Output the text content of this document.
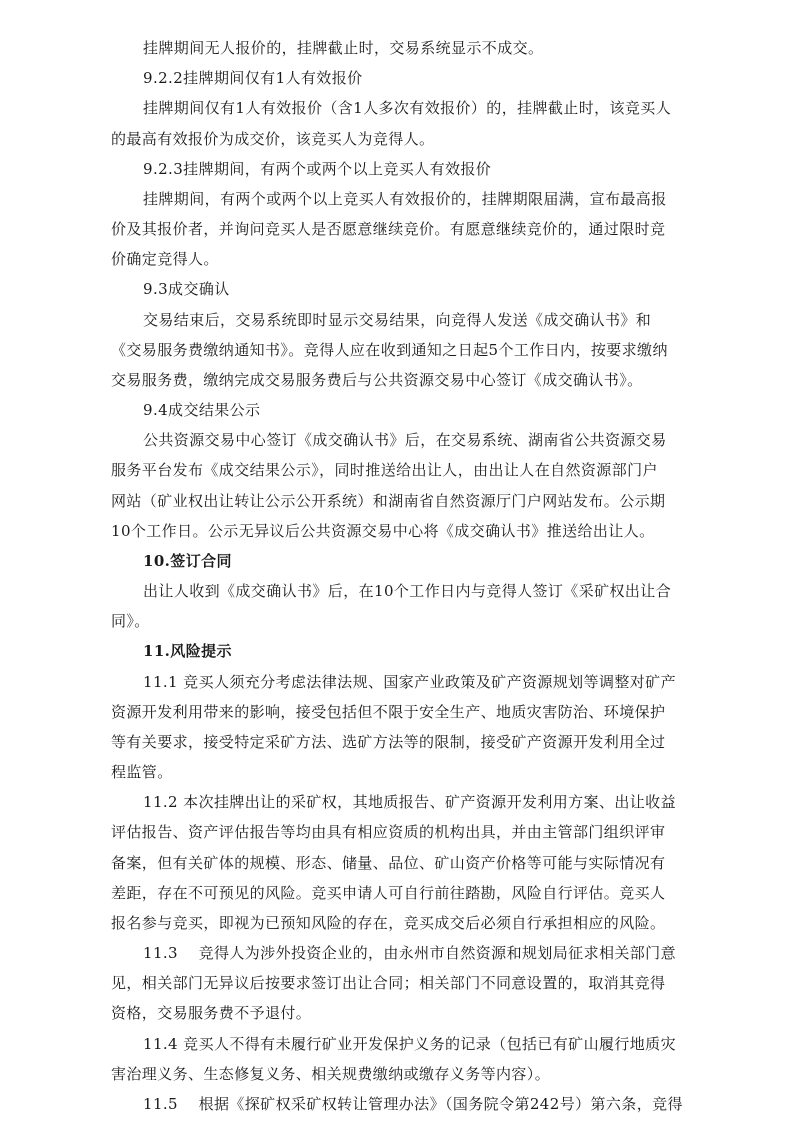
挂牌期间无人报价的，挂牌截止时，交易系统显示不成交。
9.2.2挂牌期间仅有1人有效报价
挂牌期间仅有1人有效报价（含1人多次有效报价）的，挂牌截止时，该竞买人
的最高有效报价为成交价，该竞买人为竞得人。
9.2.3挂牌期间，有两个或两个以上竞买人有效报价
挂牌期间，有两个或两个以上竞买人有效报价的，挂牌期限届满，宣布最高报
价及其报价者，并询问竞买人是否愿意继续竞价。有愿意继续竞价的，通过限时竞
价确定竞得人。
9.3成交确认
交易结束后，交易系统即时显示交易结果，向竞得人发送《成交确认书》和
《交易服务费缴纳通知书》。竞得人应在收到通知之日起5个工作日内，按要求缴纳
交易服务费，缴纳完成交易服务费后与公共资源交易中心签订《成交确认书》。
9.4成交结果公示
公共资源交易中心签订《成交确认书》后，在交易系统、湖南省公共资源交易
服务平台发布《成交结果公示》，同时推送给出让人，由出让人在自然资源部门户
网站（矿业权出让转让公示公开系统）和湖南省自然资源厅门户网站发布。公示期
10个工作日。公示无异议后公共资源交易中心将《成交确认书》推送给出让人。
10.签订合同
出让人收到《成交确认书》后，在10个工作日内与竞得人签订《采矿权出让合
同》。
11.风险提示
11.1 竞买人须充分考虑法律法规、国家产业政策及矿产资源规划等调整对矿产
资源开发利用带来的影响，接受包括但不限于安全生产、地质灾害防治、环境保护
等有关要求，接受特定采矿方法、选矿方法等的限制，接受矿产资源开发利用全过
程监管。
11.2 本次挂牌出让的采矿权，其地质报告、矿产资源开发利用方案、出让收益
评估报告、资产评估报告等均由具有相应资质的机构出具，并由主管部门组织评审
备案，但有关矿体的规模、形态、储量、品位、矿山资产价格等可能与实际情况有
差距，存在不可预见的风险。竞买申请人可自行前往踏勘，风险自行评估。竞买人
报名参与竞买，即视为已预知风险的存在，竞买成交后必须自行承担相应的风险。
11.3　 竞得人为涉外投资企业的，由永州市自然资源和规划局征求相关部门意
见，相关部门无异议后按要求签订出让合同；相关部门不同意设置的，取消其竞得
资格，交易服务费不予退付。
11.4 竞买人不得有未履行矿业开发保护义务的记录（包括已有矿山履行地质灾
害治理义务、生态修复义务、相关规费缴纳或缴存义务等内容）。
11.5　 根据《探矿权采矿权转让管理办法》（国务院令第242号）第六条，竞得
